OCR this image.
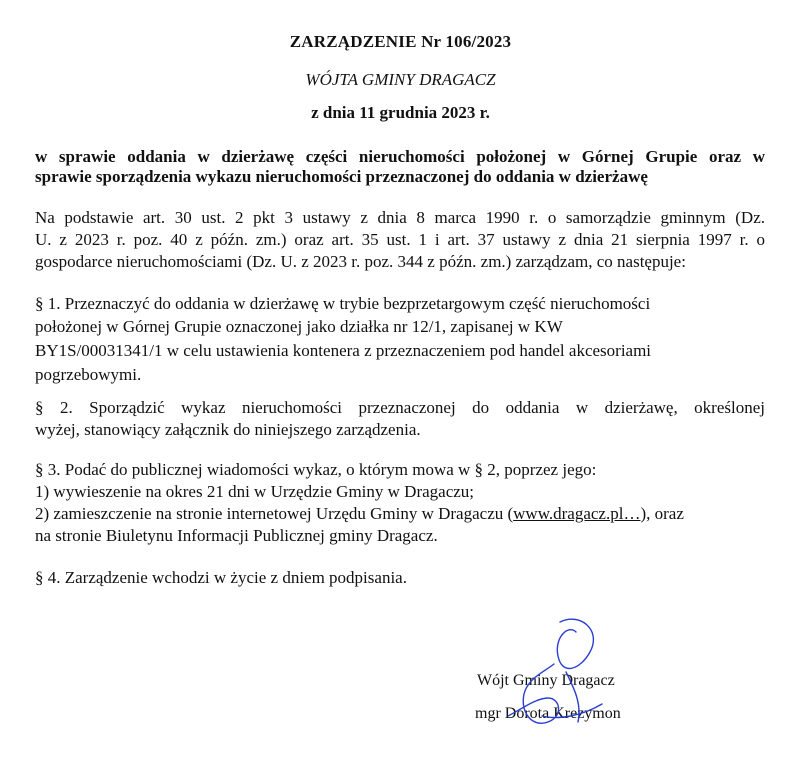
ZARZĄDZENIE Nr 106/2023
WÓJTA GMINY DRAGACZ
z dnia 11 grudnia 2023 r.
w sprawie oddania w dzierżawę części nieruchomości położonej w Górnej Grupie oraz w
sprawie sporządzenia wykazu nieruchomości przeznaczonej do oddania w dzierżawę
Na podstawie art. 30 ust. 2 pkt 3 ustawy z dnia 8 marca 1990 r. o samorządzie gminnym (Dz.
U. z 2023 r. poz. 40 z późn. zm.) oraz art. 35 ust. 1 i art. 37 ustawy z dnia 21 sierpnia 1997 r. o
gospodarce nieruchomościami (Dz. U. z 2023 r. poz. 344 z późn. zm.) zarządzam, co następuje:
§ 1. Przeznaczyć do oddania w dzierżawę w trybie bezprzetargowym część nieruchomości
położonej w Górnej Grupie oznaczonej jako działka nr 12/1, zapisanej w KW
BY1S/00031341/1 w celu ustawienia kontenera z przeznaczeniem pod handel akcesoriami
pogrzebowymi.
§ 2. Sporządzić wykaz nieruchomości przeznaczonej do oddania w dzierżawę, określonej
wyżej, stanowiący załącznik do niniejszego zarządzenia.
§ 3. Podać do publicznej wiadomości wykaz, o którym mowa w § 2, poprzez jego:
1) wywieszenie na okres 21 dni w Urzędzie Gminy w Dragaczu;
2) zamieszczenie na stronie internetowej Urzędu Gminy w Dragaczu (www.dragacz.pl…), oraz
na stronie Biuletynu Informacji Publicznej gminy Dragacz.
§ 4. Zarządzenie wchodzi w życie z dniem podpisania.
Wójt Gminy Dragacz
mgr Dorota Krezymon
